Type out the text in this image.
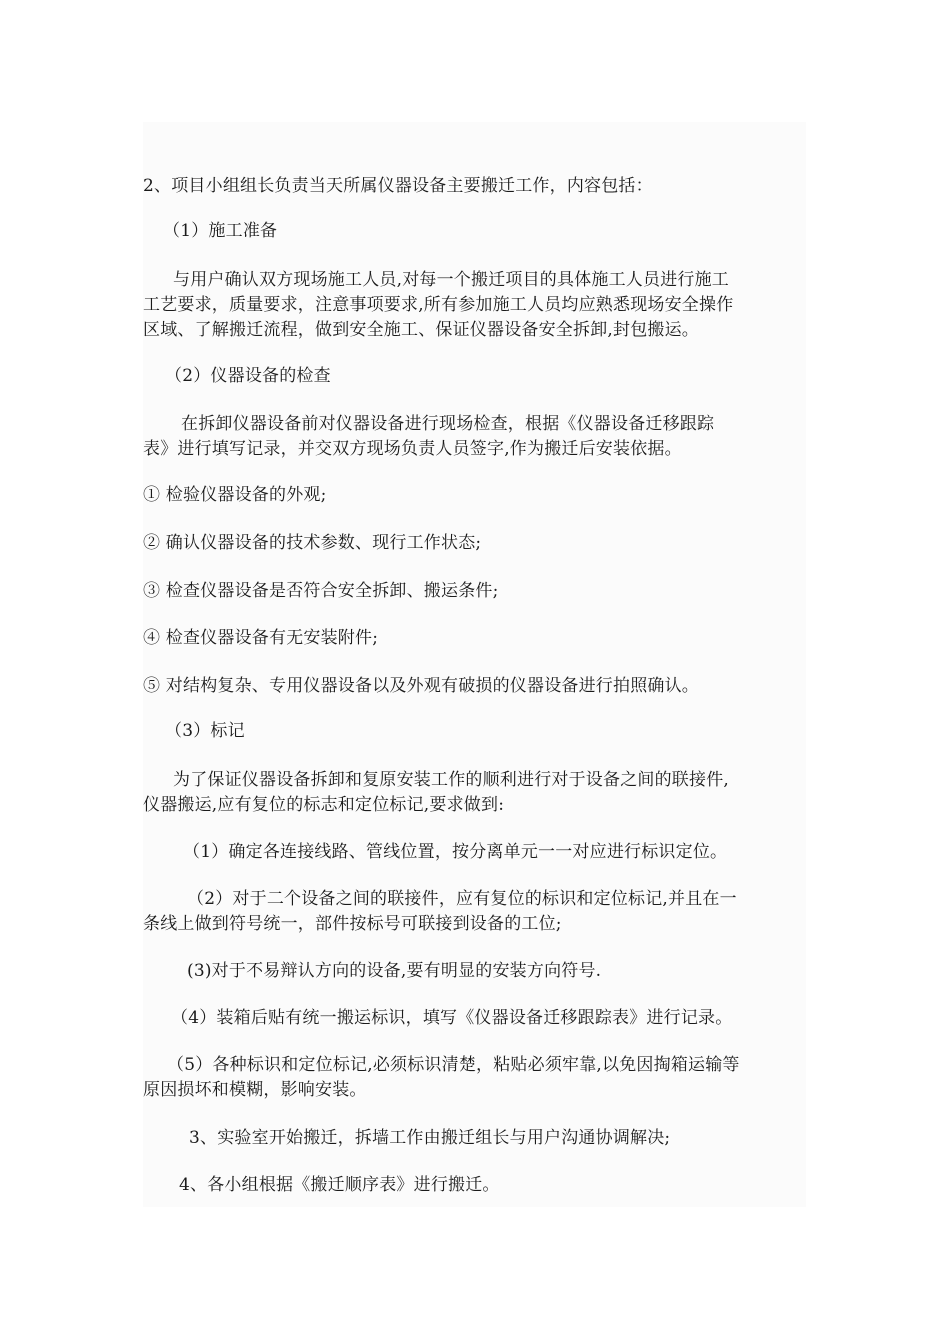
2、项目小组组长负责当天所属仪器设备主要搬迁工作，内容包括：
（1）施工准备
与用户确认双方现场施工人员,对每一个搬迁项目的具体施工人员进行施工
工艺要求，质量要求，注意事项要求,所有参加施工人员均应熟悉现场安全操作
区域、了解搬迁流程，做到安全施工、保证仪器设备安全拆卸,封包搬运。
（2）仪器设备的检查
在拆卸仪器设备前对仪器设备进行现场检查，根据《仪器设备迁移跟踪
表》进行填写记录，并交双方现场负责人员签字,作为搬迁后安装依据。
① 检验仪器设备的外观;
② 确认仪器设备的技术参数、现行工作状态;
③ 检查仪器设备是否符合安全拆卸、搬运条件;
④ 检查仪器设备有无安装附件;
⑤ 对结构复杂、专用仪器设备以及外观有破损的仪器设备进行拍照确认。
（3）标记
为了保证仪器设备拆卸和复原安装工作的顺利进行对于设备之间的联接件,
仪器搬运,应有复位的标志和定位标记,要求做到:
（1）确定各连接线路、管线位置，按分离单元一一对应进行标识定位。
（2）对于二个设备之间的联接件，应有复位的标识和定位标记,并且在一
条线上做到符号统一，部件按标号可联接到设备的工位;
(3)对于不易辩认方向的设备,要有明显的安装方向符号.
（4）装箱后贴有统一搬运标识，填写《仪器设备迁移跟踪表》进行记录。
（5）各种标识和定位标记,必须标识清楚，粘贴必须牢靠,以免因掏箱运输等
原因损坏和模糊，影响安装。
3、实验室开始搬迁，拆墙工作由搬迁组长与用户沟通协调解决;
4、各小组根据《搬迁顺序表》进行搬迁。
